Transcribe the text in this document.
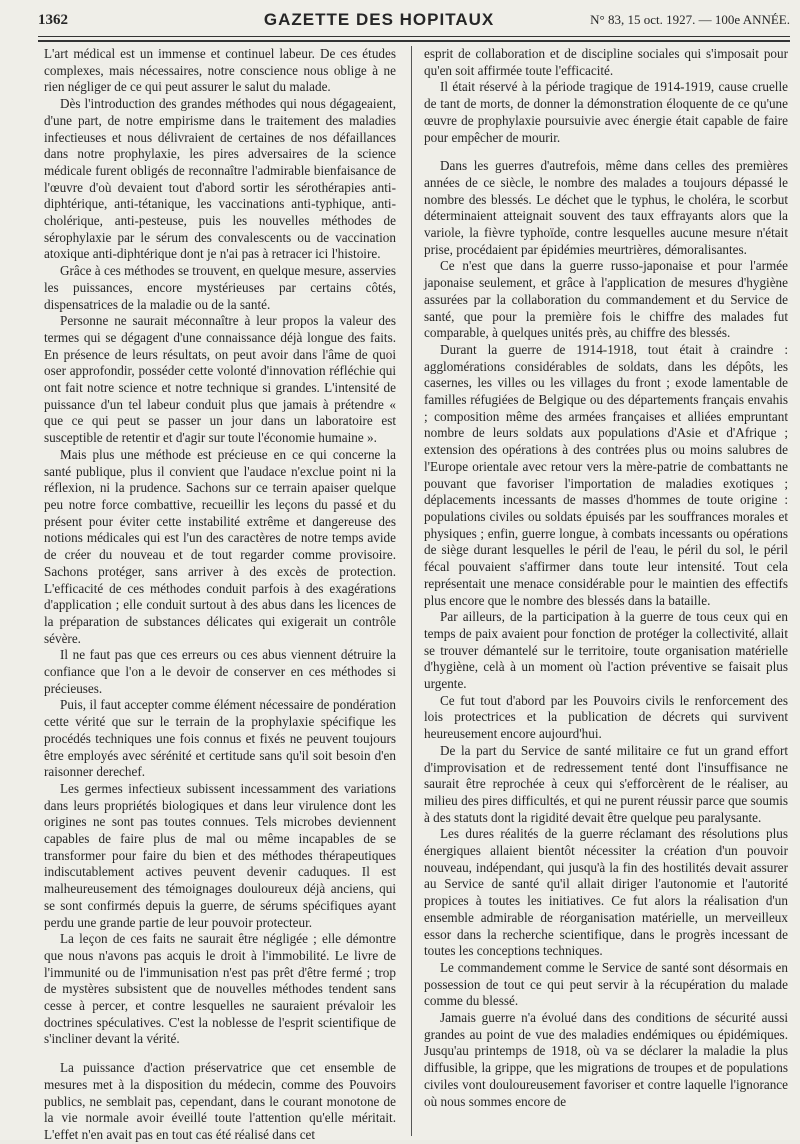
1362	GAZETTE DES HOPITAUX	N° 83, 15 oct. 1927. — 100e ANNÉE.

L'art médical est un immense et continuel labeur. De ces études complexes, mais nécessaires, notre conscience nous oblige à ne rien négliger de ce qui peut assurer le salut du malade.

Dès l'introduction des grandes méthodes qui nous dégageaient, d'une part, de notre empirisme dans le traitement des maladies infectieuses et nous délivraient de certaines de nos défaillances dans notre prophylaxie, les pires adversaires de la science médicale furent obligés de reconnaître l'admirable bienfaisance de l'œuvre d'où devaient tout d'abord sortir les sérothérapies anti-diphtérique, anti-tétanique, les vaccinations anti-typhique, anti-cholérique, anti-pesteuse, puis les nouvelles méthodes de sérophylaxie par le sérum des convalescents ou de vaccination atoxique anti-diphtérique dont je n'ai pas à retracer ici l'histoire.

Grâce à ces méthodes se trouvent, en quelque mesure, asservies les puissances, encore mystérieuses par certains côtés, dispensatrices de la maladie ou de la santé.

Personne ne saurait méconnaître à leur propos la valeur des termes qui se dégagent d'une connaissance déjà longue des faits. En présence de leurs résultats, on peut avoir dans l'âme de quoi oser approfondir, posséder cette volonté d'innovation réfléchie qui ont fait notre science et notre technique si grandes. L'intensité de puissance d'un tel labeur conduit plus que jamais à prétendre « que ce qui peut se passer un jour dans un laboratoire est susceptible de retentir et d'agir sur toute l'économie humaine ».

Mais plus une méthode est précieuse en ce qui concerne la santé publique, plus il convient que l'audace n'exclue point ni la réflexion, ni la prudence. Sachons sur ce terrain apaiser quelque peu notre force combattive, recueillir les leçons du passé et du présent pour éviter cette instabilité extrême et dangereuse des notions médicales qui est l'un des caractères de notre temps avide de créer du nouveau et de tout regarder comme provisoire. Sachons protéger, sans arriver à des excès de protection. L'efficacité de ces méthodes conduit parfois à des exagérations d'application ; elle conduit surtout à des abus dans les licences de la préparation de substances délicates qui exigerait un contrôle sévère.

Il ne faut pas que ces erreurs ou ces abus viennent détruire la confiance que l'on a le devoir de conserver en ces méthodes si précieuses.

Puis, il faut accepter comme élément nécessaire de pondération cette vérité que sur le terrain de la prophylaxie spécifique les procédés techniques une fois connus et fixés ne peuvent toujours être employés avec sérénité et certitude sans qu'il soit besoin d'en raisonner derechef.

Les germes infectieux subissent incessamment des variations dans leurs propriétés biologiques et dans leur virulence dont les origines ne sont pas toutes connues. Tels microbes deviennent capables de faire plus de mal ou même incapables de se transformer pour faire du bien et des méthodes thérapeutiques indiscutablement actives peuvent devenir caduques. Il est malheureusement des témoignages douloureux déjà anciens, qui se sont confirmés depuis la guerre, de sérums spécifiques ayant perdu une grande partie de leur pouvoir protecteur.

La leçon de ces faits ne saurait être négligée ; elle démontre que nous n'avons pas acquis le droit à l'immobilité. Le livre de l'immunité ou de l'immunisation n'est pas prêt d'être fermé ; trop de mystères subsistent que de nouvelles méthodes tendent sans cesse à percer, et contre lesquelles ne sauraient prévaloir les doctrines spéculatives. C'est la noblesse de l'esprit scientifique de s'incliner devant la vérité.

La puissance d'action préservatrice que cet ensemble de mesures met à la disposition du médecin, comme des Pouvoirs publics, ne semblait pas, cependant, dans le courant monotone de la vie normale avoir éveillé toute l'attention qu'elle méritait. L'effet n'en avait pas en tout cas été réalisé dans cet

esprit de collaboration et de discipline sociales qui s'imposait pour qu'en soit affirmée toute l'efficacité.

Il était réservé à la période tragique de 1914-1919, cause cruelle de tant de morts, de donner la démonstration éloquente de ce qu'une œuvre de prophylaxie poursuivie avec énergie était capable de faire pour empêcher de mourir.

Dans les guerres d'autrefois, même dans celles des premières années de ce siècle, le nombre des malades a toujours dépassé le nombre des blessés. Le déchet que le typhus, le choléra, le scorbut déterminaient atteignait souvent des taux effrayants alors que la variole, la fièvre typhoïde, contre lesquelles aucune mesure n'était prise, procédaient par épidémies meurtrières, démoralisantes.

Ce n'est que dans la guerre russo-japonaise et pour l'armée japonaise seulement, et grâce à l'application de mesures d'hygiène assurées par la collaboration du commandement et du Service de santé, que pour la première fois le chiffre des malades fut comparable, à quelques unités près, au chiffre des blessés.

Durant la guerre de 1914-1918, tout était à craindre : agglomérations considérables de soldats, dans les dépôts, les casernes, les villes ou les villages du front ; exode lamentable de familles réfugiées de Belgique ou des départements français envahis ; composition même des armées françaises et alliées empruntant nombre de leurs soldats aux populations d'Asie et d'Afrique ; extension des opérations à des contrées plus ou moins salubres de l'Europe orientale avec retour vers la mère-patrie de combattants ne pouvant que favoriser l'importation de maladies exotiques ; déplacements incessants de masses d'hommes de toute origine : populations civiles ou soldats épuisés par les souffrances morales et physiques ; enfin, guerre longue, à combats incessants ou opérations de siège durant lesquelles le péril de l'eau, le péril du sol, le péril fécal pouvaient s'affirmer dans toute leur intensité. Tout cela représentait une menace considérable pour le maintien des effectifs plus encore que le nombre des blessés dans la bataille.

Par ailleurs, de la participation à la guerre de tous ceux qui en temps de paix avaient pour fonction de protéger la collectivité, allait se trouver démantelé sur le territoire, toute organisation matérielle d'hygiène, celà à un moment où l'action préventive se faisait plus urgente.

Ce fut tout d'abord par les Pouvoirs civils le renforcement des lois protectrices et la publication de décrets qui survivent heureusement encore aujourd'hui.

De la part du Service de santé militaire ce fut un grand effort d'improvisation et de redressement tenté dont l'insuffisance ne saurait être reprochée à ceux qui s'efforcèrent de le réaliser, au milieu des pires difficultés, et qui ne purent réussir parce que soumis à des statuts dont la rigidité devait être quelque peu paralysante.

Les dures réalités de la guerre réclamant des résolutions plus énergiques allaient bientôt nécessiter la création d'un pouvoir nouveau, indépendant, qui jusqu'à la fin des hostilités devait assurer au Service de santé qu'il allait diriger l'autonomie et l'autorité propices à toutes les initiatives. Ce fut alors la réalisation d'un ensemble admirable de réorganisation matérielle, un merveilleux essor dans la recherche scientifique, dans le progrès incessant de toutes les conceptions techniques.

Le commandement comme le Service de santé sont désormais en possession de tout ce qui peut servir à la récupération du malade comme du blessé.

Jamais guerre n'a évolué dans des conditions de sécurité aussi grandes au point de vue des maladies endémiques ou épidémiques. Jusqu'au printemps de 1918, où va se déclarer la maladie la plus diffusible, la grippe, que les migrations de troupes et de populations civiles vont douloureusement favoriser et contre laquelle l'ignorance où nous sommes encore de
